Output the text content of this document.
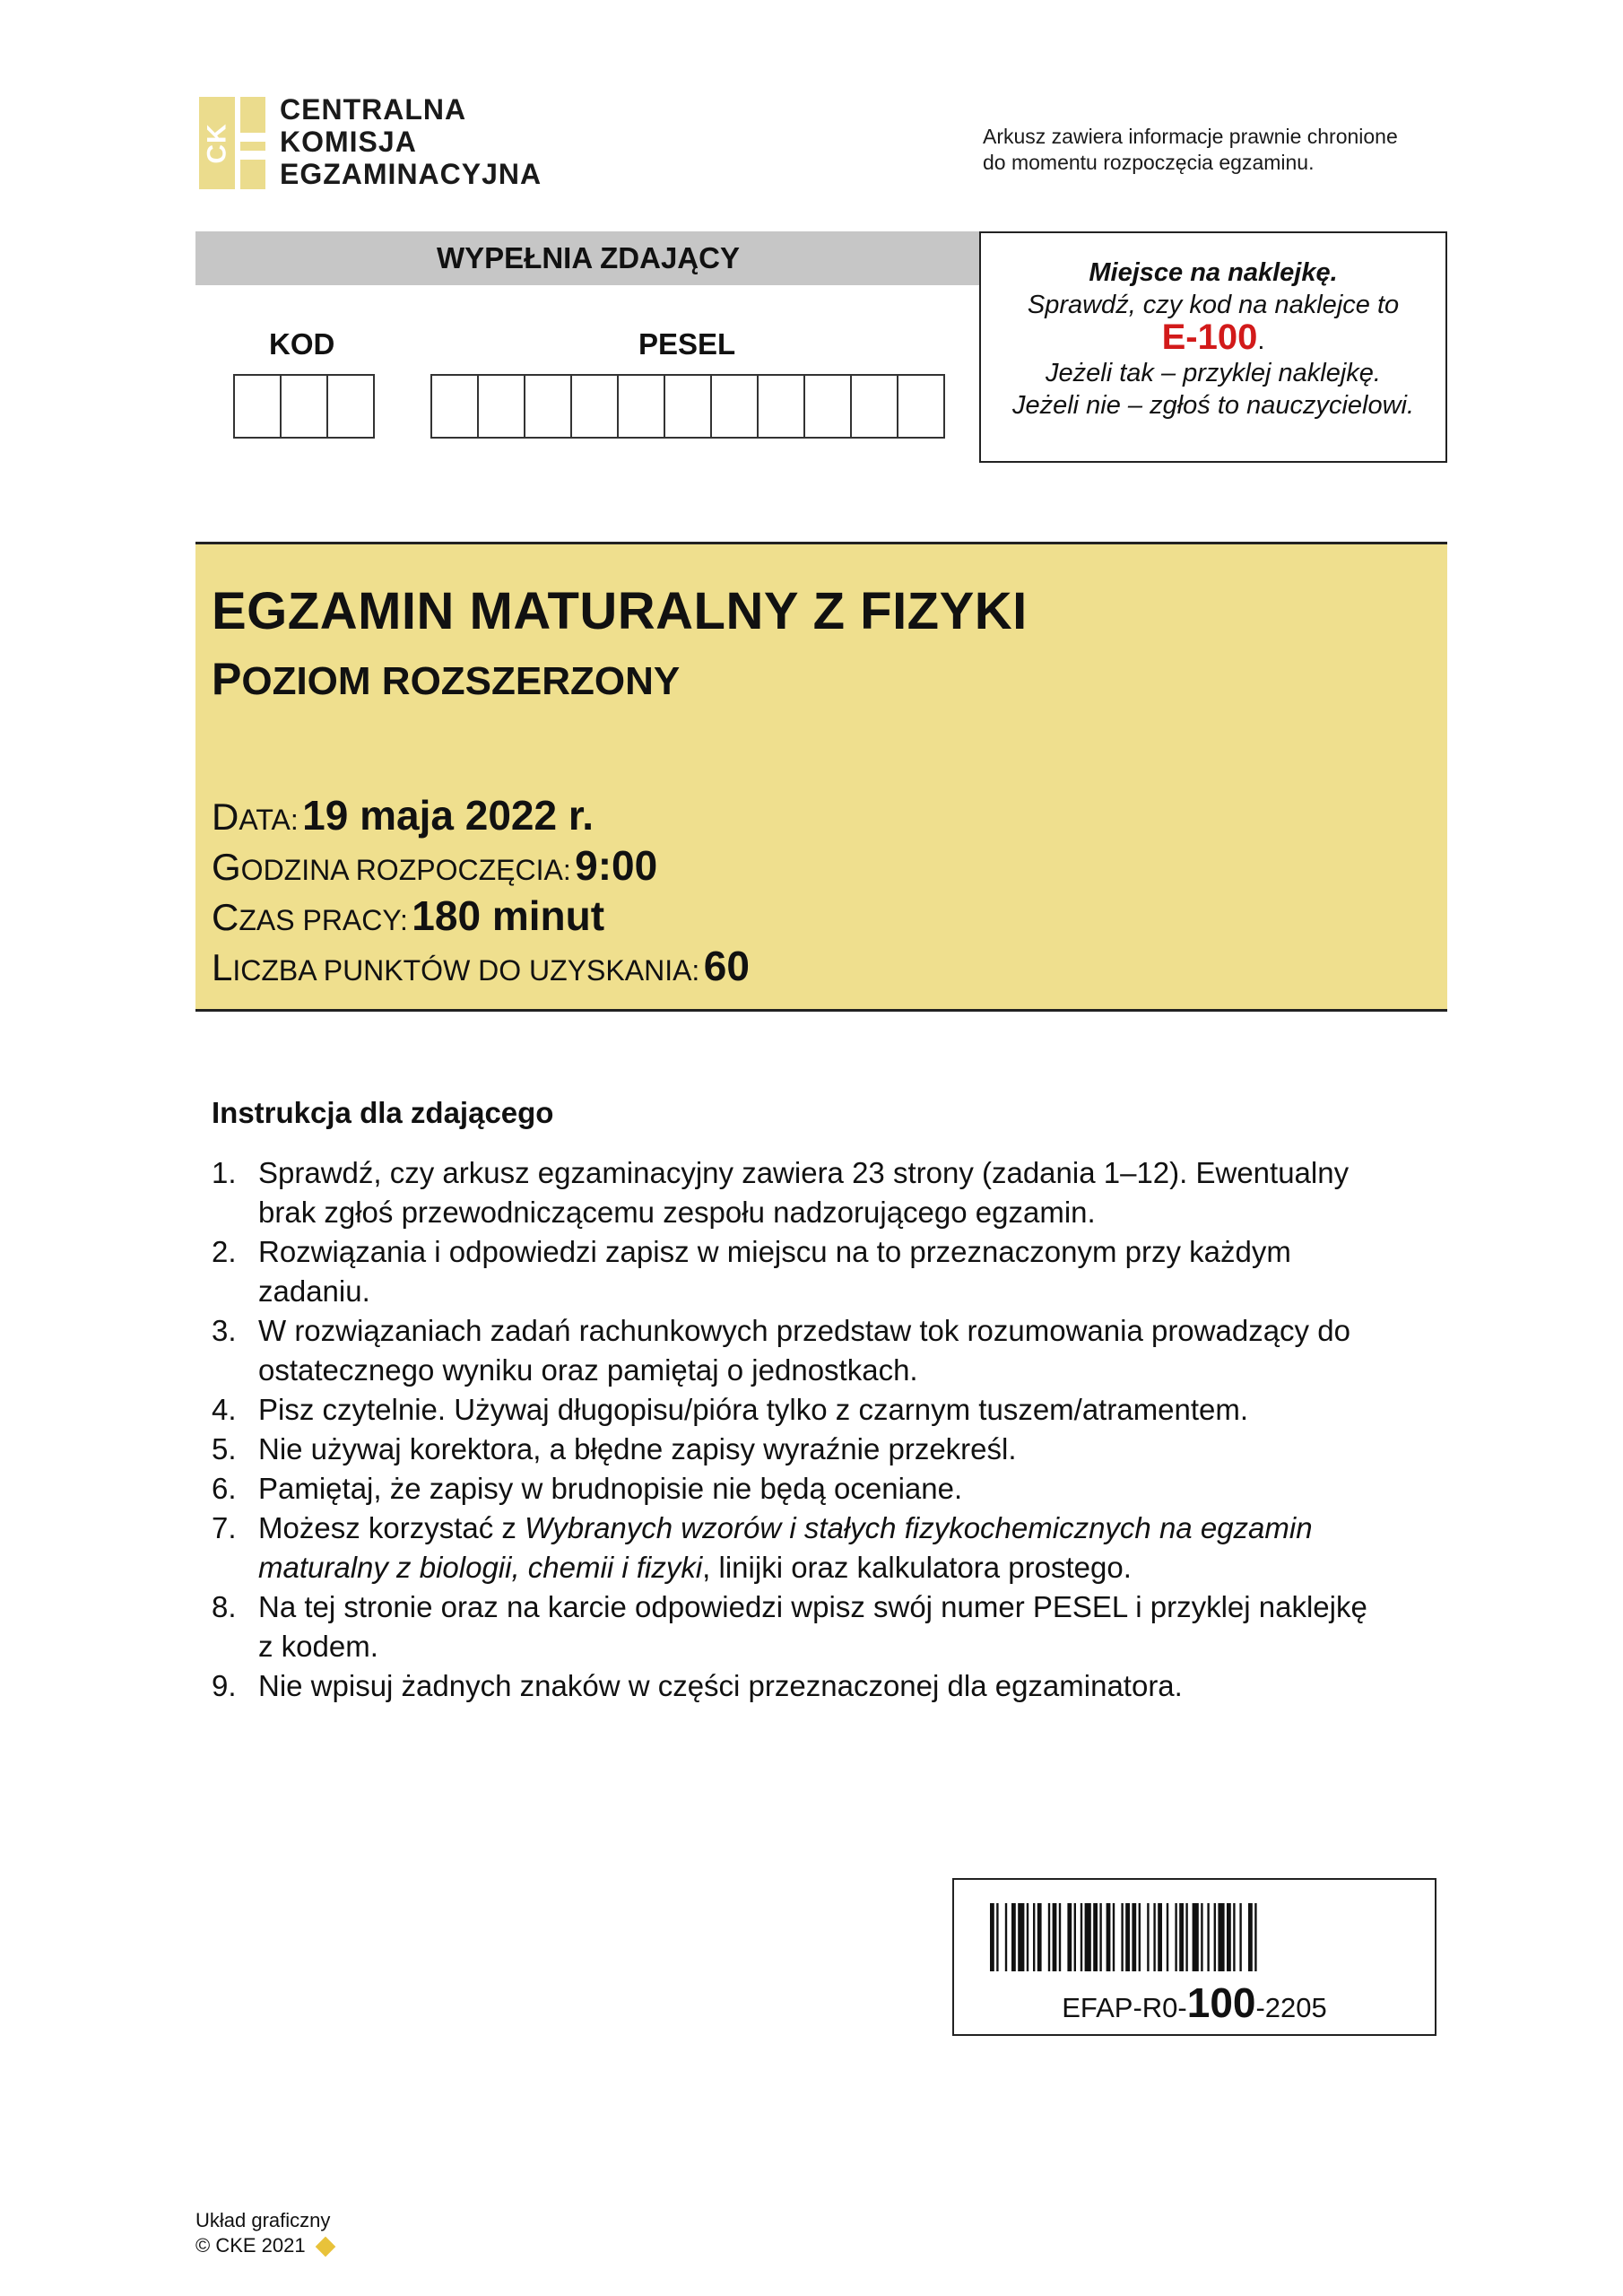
CK
CENTRALNA
KOMISJA
EGZAMINACYJNA
Arkusz zawiera informacje prawnie chronione
do momentu rozpoczęcia egzaminu.
WYPEŁNIA ZDAJĄCY
KOD	PESEL
Miejsce na naklejkę.
Sprawdź, czy kod na naklejce to
E-100.
Jeżeli tak – przyklej naklejkę.
Jeżeli nie – zgłoś to nauczycielowi.
EGZAMIN MATURALNY Z FIZYKI
POZIOM ROZSZERZONY
DATA: 19 maja 2022 r.
GODZINA ROZPOCZĘCIA: 9:00
CZAS PRACY: 180 minut
LICZBA PUNKTÓW DO UZYSKANIA: 60
Instrukcja dla zdającego
1. Sprawdź, czy arkusz egzaminacyjny zawiera 23 strony (zadania 1–12). Ewentualny
brak zgłoś przewodniczącemu zespołu nadzorującego egzamin.
2. Rozwiązania i odpowiedzi zapisz w miejscu na to przeznaczonym przy każdym
zadaniu.
3. W rozwiązaniach zadań rachunkowych przedstaw tok rozumowania prowadzący do
ostatecznego wyniku oraz pamiętaj o jednostkach.
4. Pisz czytelnie. Używaj długopisu/pióra tylko z czarnym tuszem/atramentem.
5. Nie używaj korektora, a błędne zapisy wyraźnie przekreśl.
6. Pamiętaj, że zapisy w brudnopisie nie będą oceniane.
7. Możesz korzystać z Wybranych wzorów i stałych fizykochemicznych na egzamin
maturalny z biologii, chemii i fizyki, linijki oraz kalkulatora prostego.
8. Na tej stronie oraz na karcie odpowiedzi wpisz swój numer PESEL i przyklej naklejkę
z kodem.
9. Nie wpisuj żadnych znaków w części przeznaczonej dla egzaminatora.
EFAP-R0-100-2205
Układ graficzny
© CKE 2021
